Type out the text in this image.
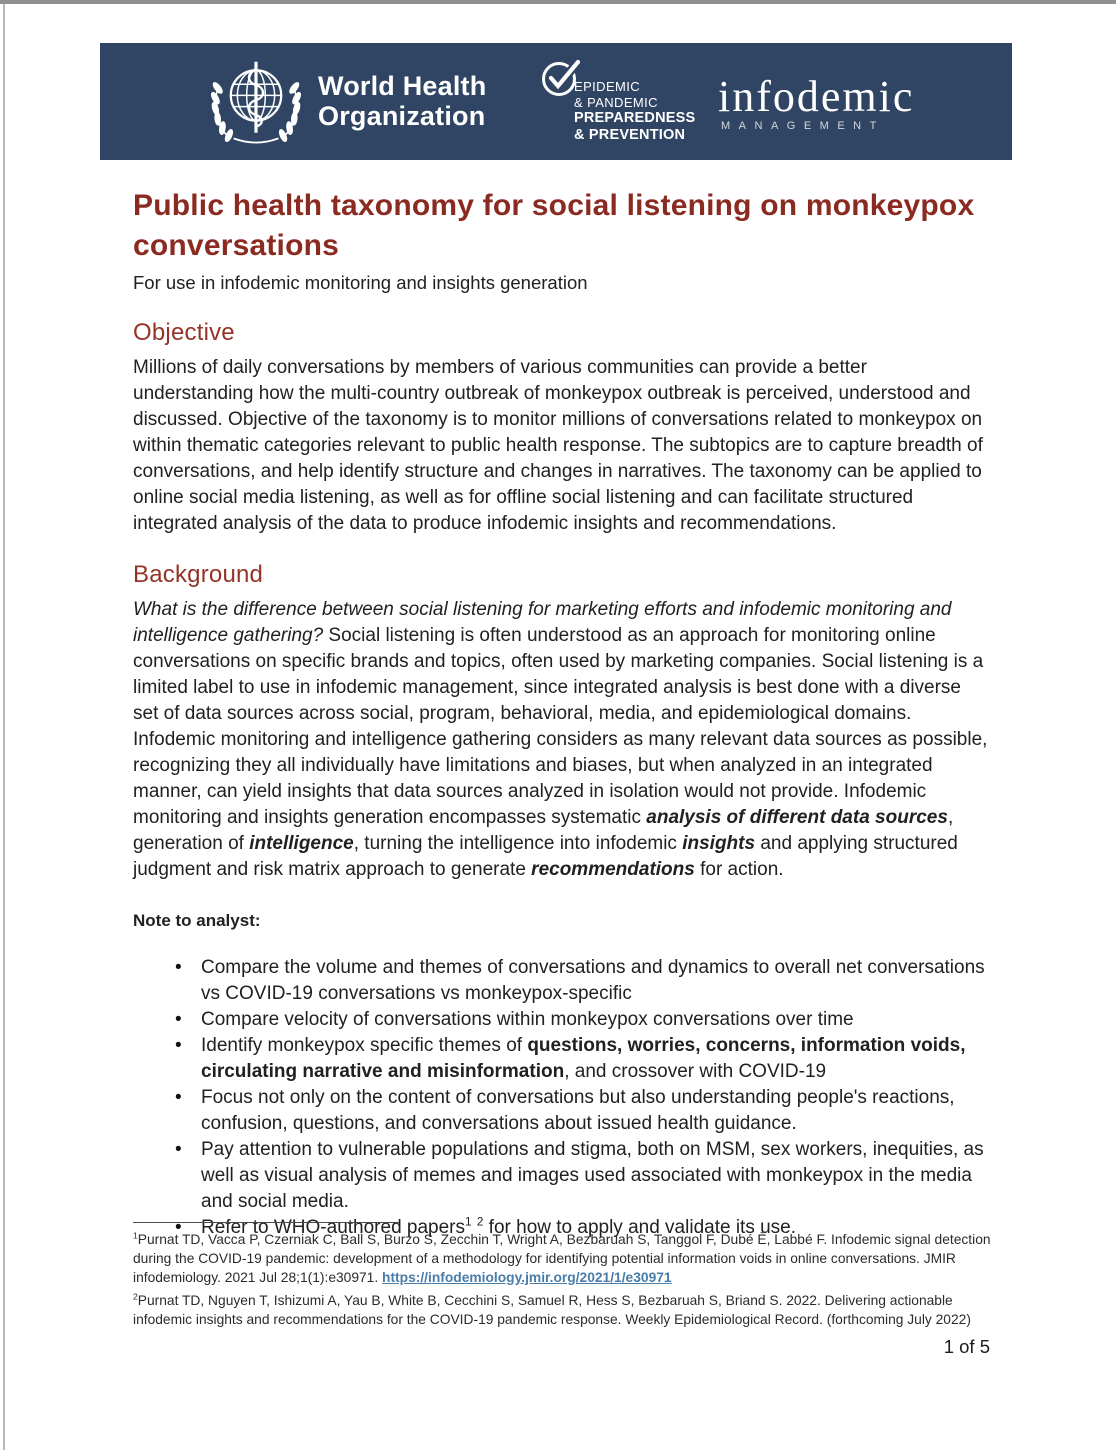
World Health
Organization
EPIDEMIC
& PANDEMIC
PREPAREDNESS
& PREVENTION
infodemic
MANAGEMENT
Public health taxonomy for social listening on monkeypox conversations
For use in infodemic monitoring and insights generation
Objective

Millions of daily conversations by members of various communities can provide a better understanding how the multi-country outbreak of monkeypox outbreak is perceived, understood and discussed. Objective of the taxonomy is to monitor millions of conversations related to monkeypox on within thematic categories relevant to public health response. The subtopics are to capture breadth of conversations, and help identify structure and changes in narratives. The taxonomy can be applied to online social media listening, as well as for offline social listening and can facilitate structured integrated analysis of the data to produce infodemic insights and recommendations.

Background

What is the difference between social listening for marketing efforts and infodemic monitoring and intelligence gathering? Social listening is often understood as an approach for monitoring online conversations on specific brands and topics, often used by marketing companies. Social listening is a limited label to use in infodemic management, since integrated analysis is best done with a diverse set of data sources across social, program, behavioral, media, and epidemiological domains. Infodemic monitoring and intelligence gathering considers as many relevant data sources as possible, recognizing they all individually have limitations and biases, but when analyzed in an integrated manner, can yield insights that data sources analyzed in isolation would not provide. Infodemic monitoring and insights generation encompasses systematic analysis of different data sources, generation of intelligence, turning the intelligence into infodemic insights and applying structured judgment and risk matrix approach to generate recommendations for action.

Note to analyst:
• Compare the volume and themes of conversations and dynamics to overall net conversations vs COVID-19 conversations vs monkeypox-specific
• Compare velocity of conversations within monkeypox conversations over time
• Identify monkeypox specific themes of questions, worries, concerns, information voids, circulating narrative and misinformation, and crossover with COVID-19
• Focus not only on the content of conversations but also understanding people's reactions, confusion, questions, and conversations about issued health guidance.
• Pay attention to vulnerable populations and stigma, both on MSM, sex workers, inequities, as well as visual analysis of memes and images used associated with monkeypox in the media and social media.
• Refer to WHO-authored papers$^1$ $^2$ for how to apply and validate its use.
$^1$Purnat TD, Vacca P, Czerniak C, Ball S, Burzo S, Zecchin T, Wright A, Bezbaruah S, Tanggol F, Dubé È, Labbé F. Infodemic signal detection during the COVID-19 pandemic: development of a methodology for identifying potential information voids in online conversations. JMIR infodemiology. 2021 Jul 28;1(1):e30971. https://infodemiology.jmir.org/2021/1/e30971
$^2$Purnat TD, Nguyen T, Ishizumi A, Yau B, White B, Cecchini S, Samuel R, Hess S, Bezbaruah S, Briand S. 2022. Delivering actionable infodemic insights and recommendations for the COVID-19 pandemic response. Weekly Epidemiological Record. (forthcoming July 2022)
1 of 5
